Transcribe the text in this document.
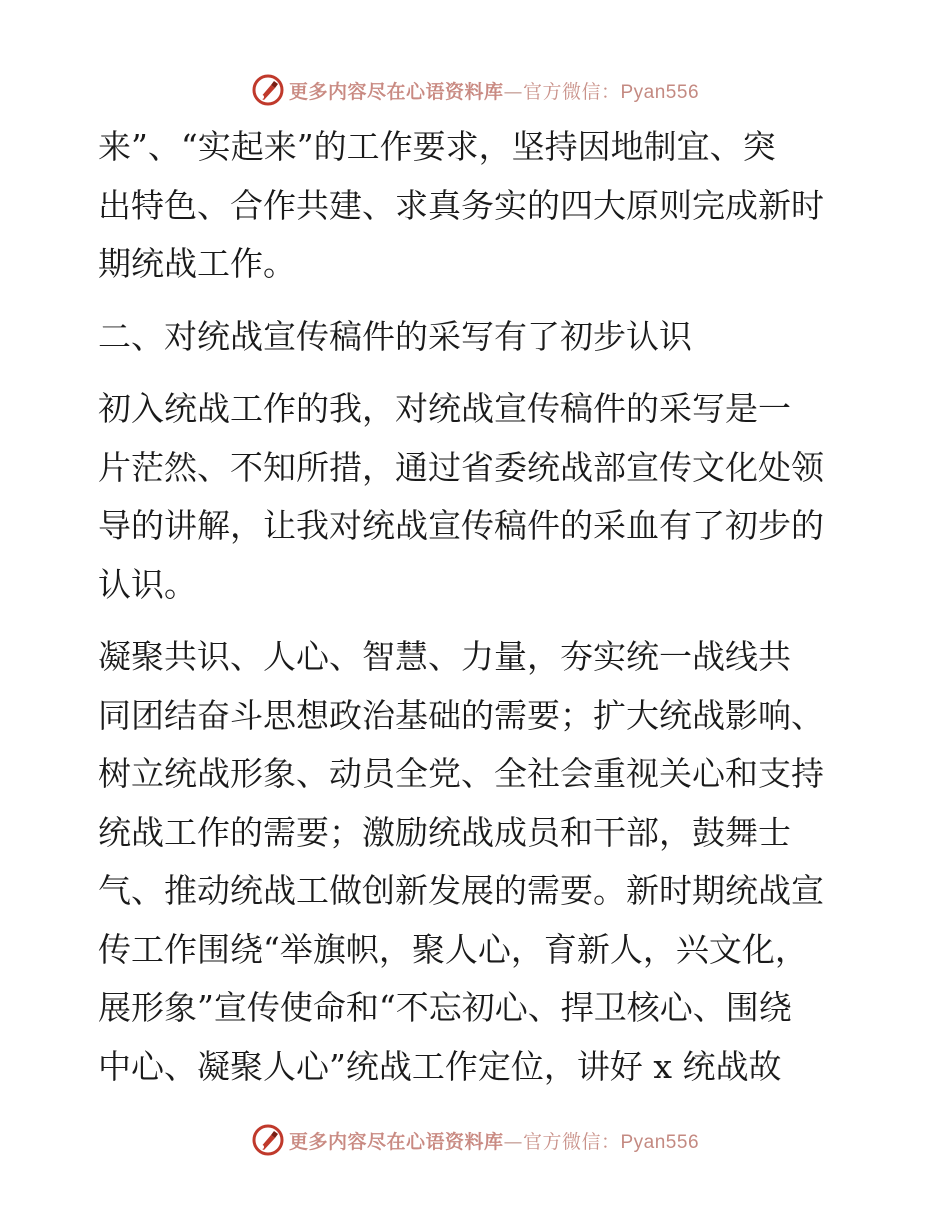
更多内容尽在心语资料库—官方微信：Pyan556
来”、“实起来”的工作要求，坚持因地制宜、突
出特色、合作共建、求真务实的四大原则完成新时
期统战工作。
二、对统战宣传稿件的采写有了初步认识
初入统战工作的我，对统战宣传稿件的采写是一
片茫然、不知所措，通过省委统战部宣传文化处领
导的讲解，让我对统战宣传稿件的采血有了初步的
认识。
凝聚共识、人心、智慧、力量，夯实统一战线共
同团结奋斗思想政治基础的需要；扩大统战影响、
树立统战形象、动员全党、全社会重视关心和支持
统战工作的需要；激励统战成员和干部，鼓舞士
气、推动统战工做创新发展的需要。新时期统战宣
传工作围绕“举旗帜，聚人心，育新人，兴文化，
展形象”宣传使命和“不忘初心、捍卫核心、围绕
中心、凝聚人心”统战工作定位，讲好 x 统战故
更多内容尽在心语资料库—官方微信：Pyan556
